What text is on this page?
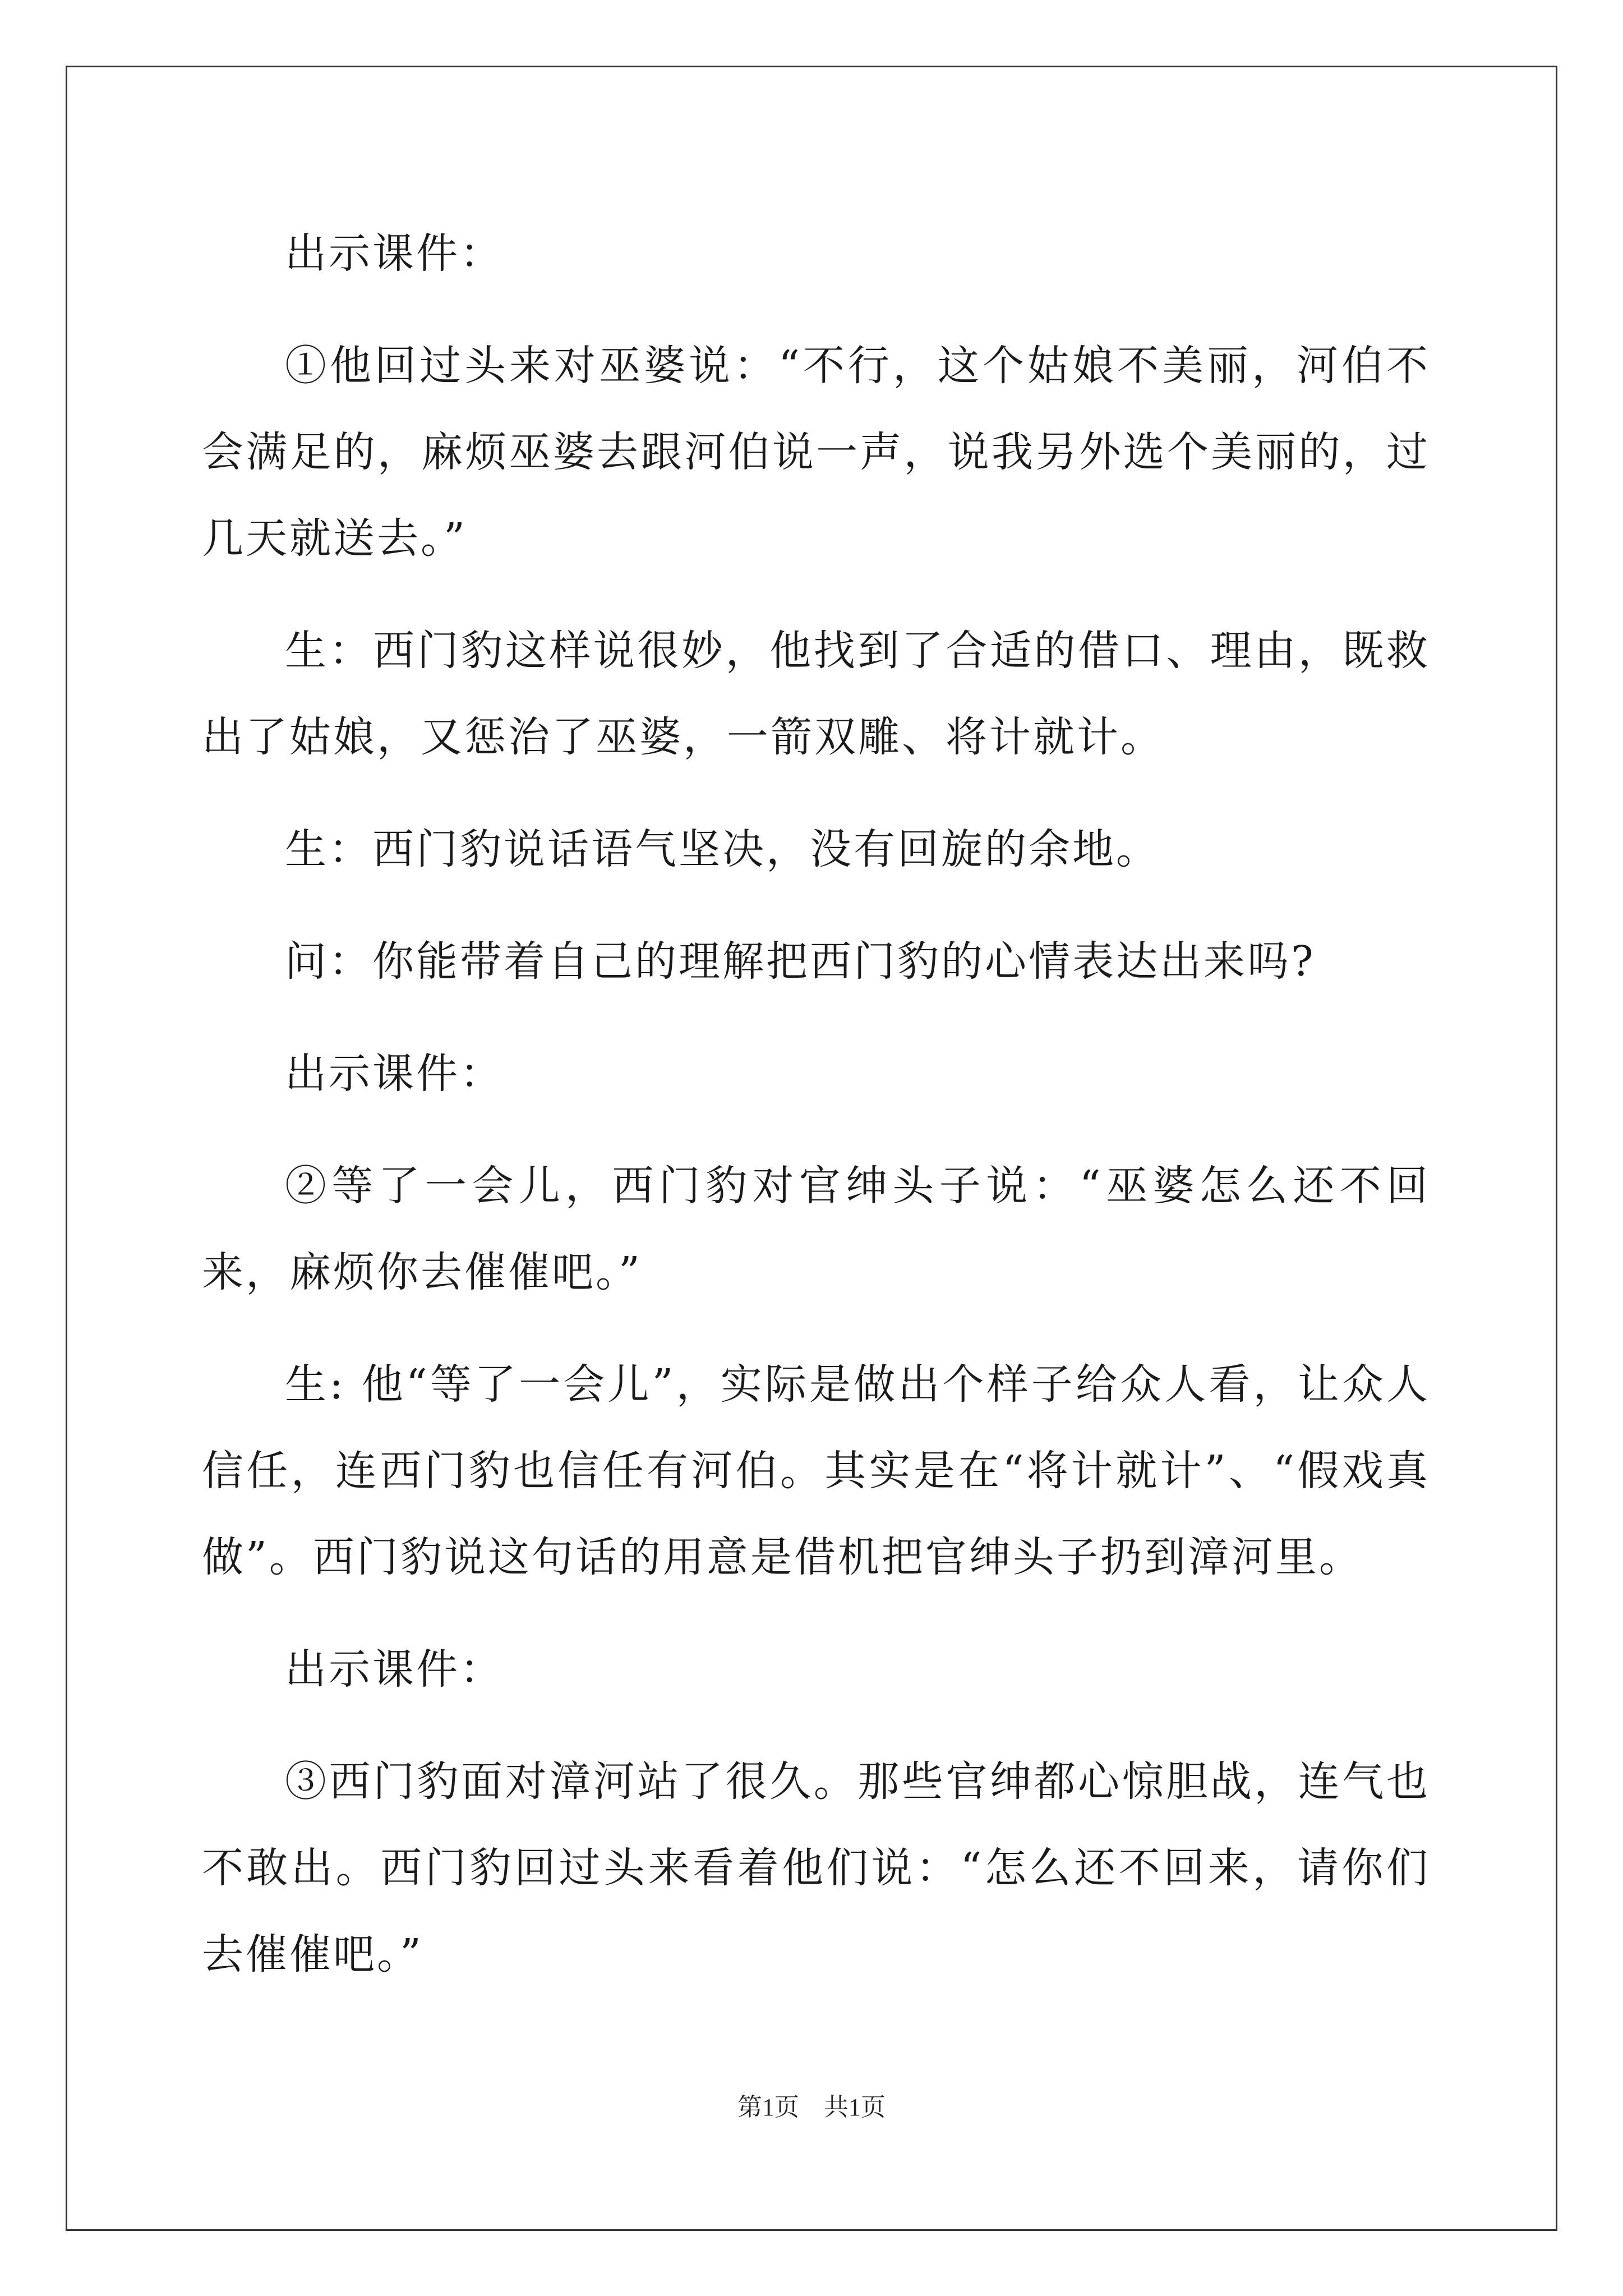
出示课件：

①他回过头来对巫婆说：“不行，这个姑娘不美丽，河伯不会满足的，麻烦巫婆去跟河伯说一声，说我另外选个美丽的，过几天就送去。”

生：西门豹这样说很妙，他找到了合适的借口、理由，既救出了姑娘，又惩治了巫婆，一箭双雕、将计就计。

生：西门豹说话语气坚决，没有回旋的余地。

问：你能带着自己的理解把西门豹的心情表达出来吗?

出示课件：

②等了一会儿，西门豹对官绅头子说：“巫婆怎么还不回来，麻烦你去催催吧。”

生: 他“等了一会儿”，实际是做出个样子给众人看，让众人信任，连西门豹也信任有河伯。其实是在“将计就计”、“假戏真做”。西门豹说这句话的用意是借机把官绅头子扔到漳河里。

出示课件：

③西门豹面对漳河站了很久。那些官绅都心惊胆战，连气也不敢出。西门豹回过头来看着他们说：“怎么还不回来，请你们去催催吧。”

第1页　共1页
